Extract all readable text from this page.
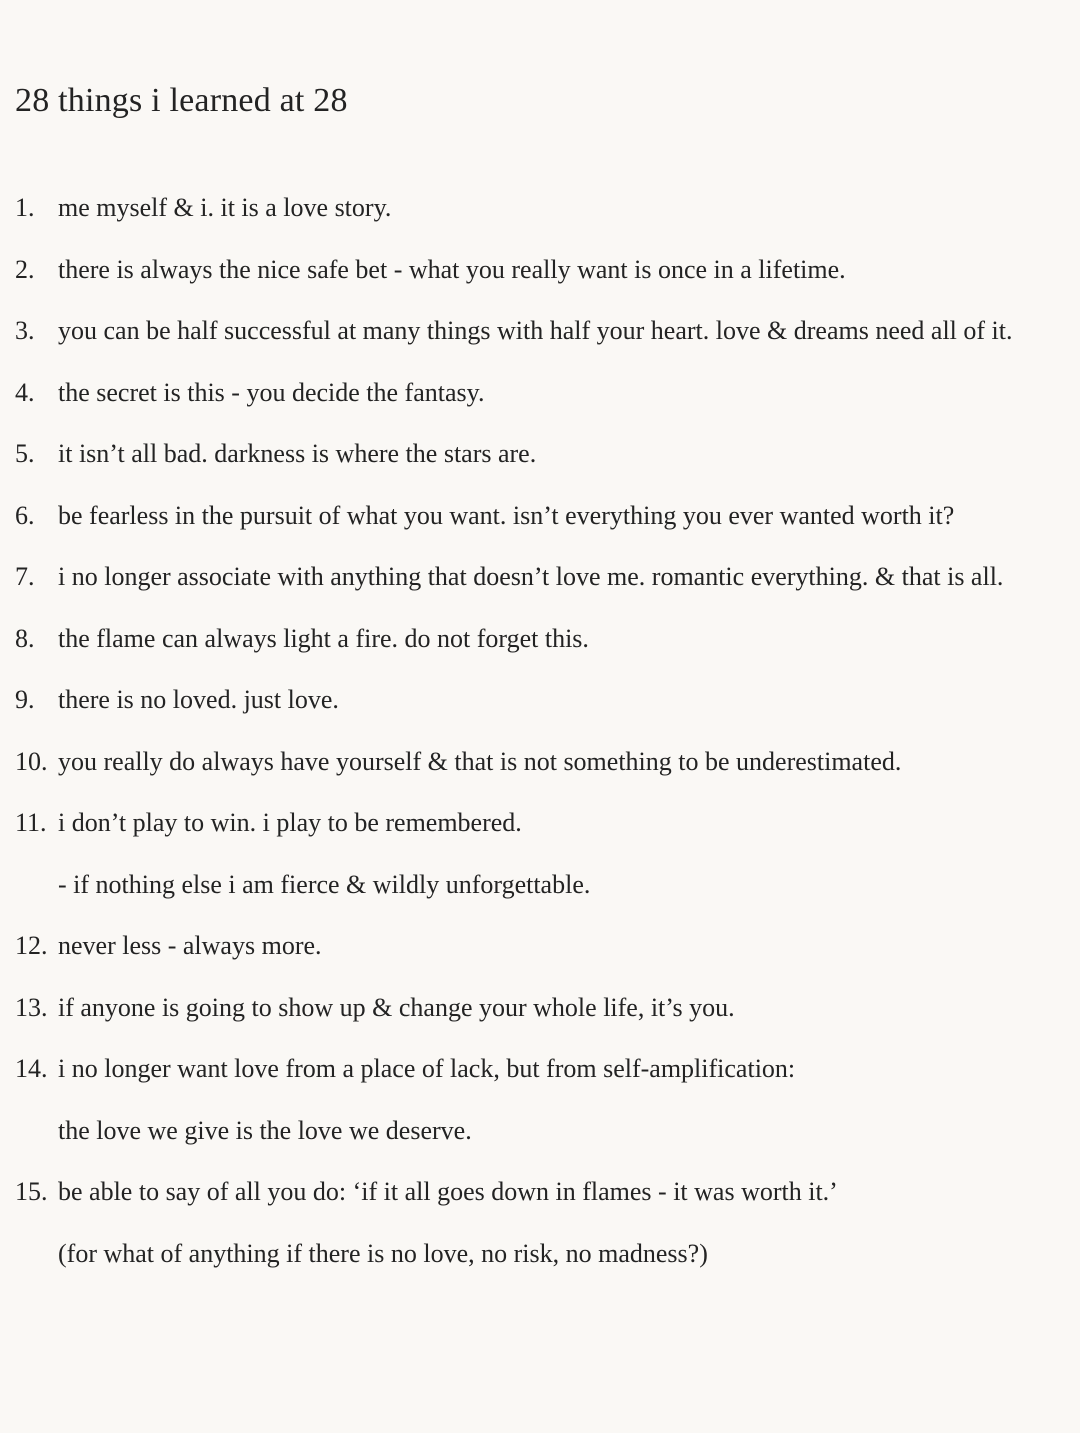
28 things i learned at 28
1. me myself & i. it is a love story.
2. there is always the nice safe bet - what you really want is once in a lifetime.
3. you can be half successful at many things with half your heart. love & dreams need all of it.
4. the secret is this - you decide the fantasy.
5. it isn’t all bad. darkness is where the stars are.
6. be fearless in the pursuit of what you want. isn’t everything you ever wanted worth it?
7. i no longer associate with anything that doesn’t love me. romantic everything. & that is all.
8. the flame can always light a fire. do not forget this.
9. there is no loved. just love.
10. you really do always have yourself & that is not something to be underestimated.
11. i don’t play to win. i play to be remembered.
- if nothing else i am fierce & wildly unforgettable.
12. never less - always more.
13. if anyone is going to show up & change your whole life, it’s you.
14. i no longer want love from a place of lack, but from self-amplification:
the love we give is the love we deserve.
15. be able to say of all you do: ‘if it all goes down in flames - it was worth it.’
(for what of anything if there is no love, no risk, no madness?)
